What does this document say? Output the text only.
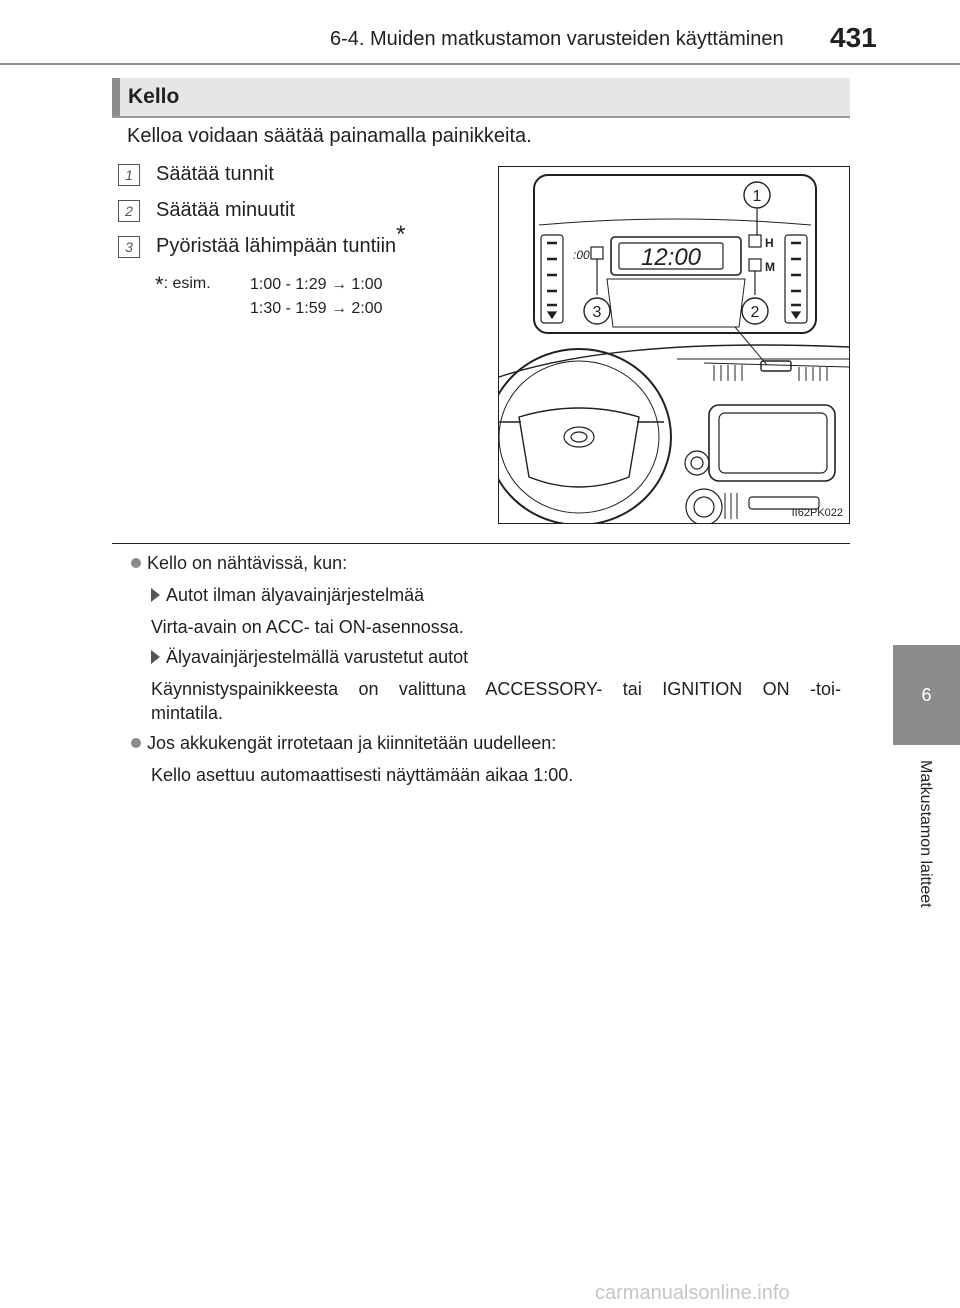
6-4. Muiden matkustamon varusteiden käyttäminen 431
Kello
Kelloa voidaan säätää painamalla painikkeita.
1 Säätää tunnit
2 Säätää minuutit
3 Pyöristää lähimpään tuntiin*
*: esim. 1:00 - 1:29 → 1:00
1:30 - 1:59 → 2:00
12:00
:00
H
M
1
2
3
II62PK022
Kello on nähtävissä, kun:
Autot ilman älyavainjärjestelmää
Virta-avain on ACC- tai ON-asennossa.
Älyavainjärjestelmällä varustetut autot
Käynnistyspainikkeesta on valittuna ACCESSORY- tai IGNITION ON -toi-
mintatila.
Jos akkukengät irrotetaan ja kiinnitetään uudelleen:
Kello asettuu automaattisesti näyttämään aikaa 1:00.
6
Matkustamon laitteet
carmanualsonline.info
